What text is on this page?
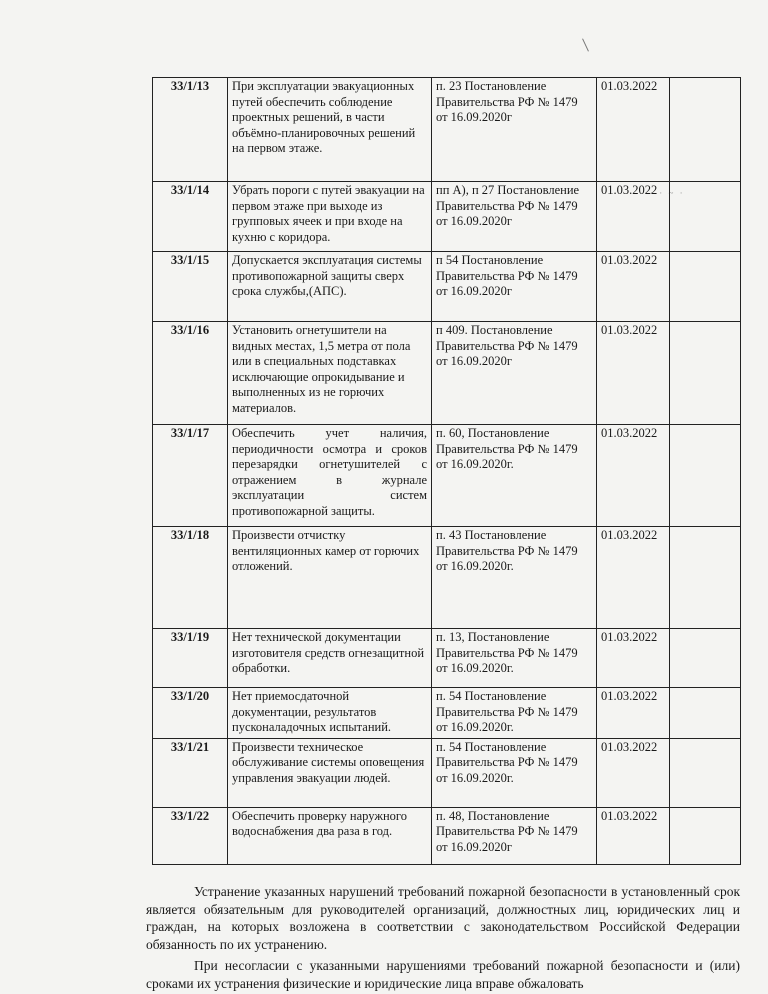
· · ~ ·
33/1/13	При эксплуатации эвакуационных путей обеспечить соблюдение проектных решений, в части объёмно-планировочных решений на первом этаже.	п. 23 Постановление Правительства РФ № 1479 от 16.09.2020г	01.03.2022	
33/1/14	Убрать пороги с путей эвакуации на первом этаже при выходе из групповых ячеек и при входе на кухню с коридора.	пп А), п 27 Постановление Правительства РФ № 1479 от 16.09.2020г	01.03.2022	
33/1/15	Допускается эксплуатация системы противопожарной защиты сверх срока службы,(АПС).	п 54 Постановление Правительства РФ № 1479 от 16.09.2020г	01.03.2022	
33/1/16	Установить огнетушители на видных местах, 1,5 метра от пола или в специальных подставках исключающие опрокидывание и выполненных из не горючих материалов.	п 409. Постановление Правительства РФ № 1479 от 16.09.2020г	01.03.2022	
33/1/17	Обеспечить учет наличия, периодичности осмотра и сроков перезарядки огнетушителей с отражением в журнале эксплуатации систем противопожарной защиты.	п. 60, Постановление Правительства РФ № 1479 от 16.09.2020г.	01.03.2022	
33/1/18	Произвести отчистку вентиляционных камер от горючих отложений.	п. 43 Постановление Правительства РФ № 1479 от 16.09.2020г.	01.03.2022	
33/1/19	Нет технической документации изготовителя средств огнезащитной обработки.	п. 13, Постановление Правительства РФ № 1479 от 16.09.2020г.	01.03.2022	
33/1/20	Нет приемосдаточной документации, результатов пусконаладочных испытаний.	п. 54 Постановление Правительства РФ № 1479 от 16.09.2020г.	01.03.2022	
33/1/21	Произвести техническое обслуживание системы оповещения управления эвакуации людей.	п. 54 Постановление Правительства РФ № 1479 от 16.09.2020г.	01.03.2022	
33/1/22	Обеспечить проверку наружного водоснабжения два раза в год.	п. 48, Постановление Правительства РФ № 1479 от 16.09.2020г	01.03.2022	

Устранение указанных нарушений требований пожарной безопасности в установленный срок является обязательным для руководителей организаций, должностных лиц, юридических лиц и граждан, на которых возложена в соответствии с законодательством Российской Федерации обязанность по их устранению.

При несогласии с указанными нарушениями требований пожарной безопасности и (или) сроками их устранения физические и юридические лица вправе обжаловать
